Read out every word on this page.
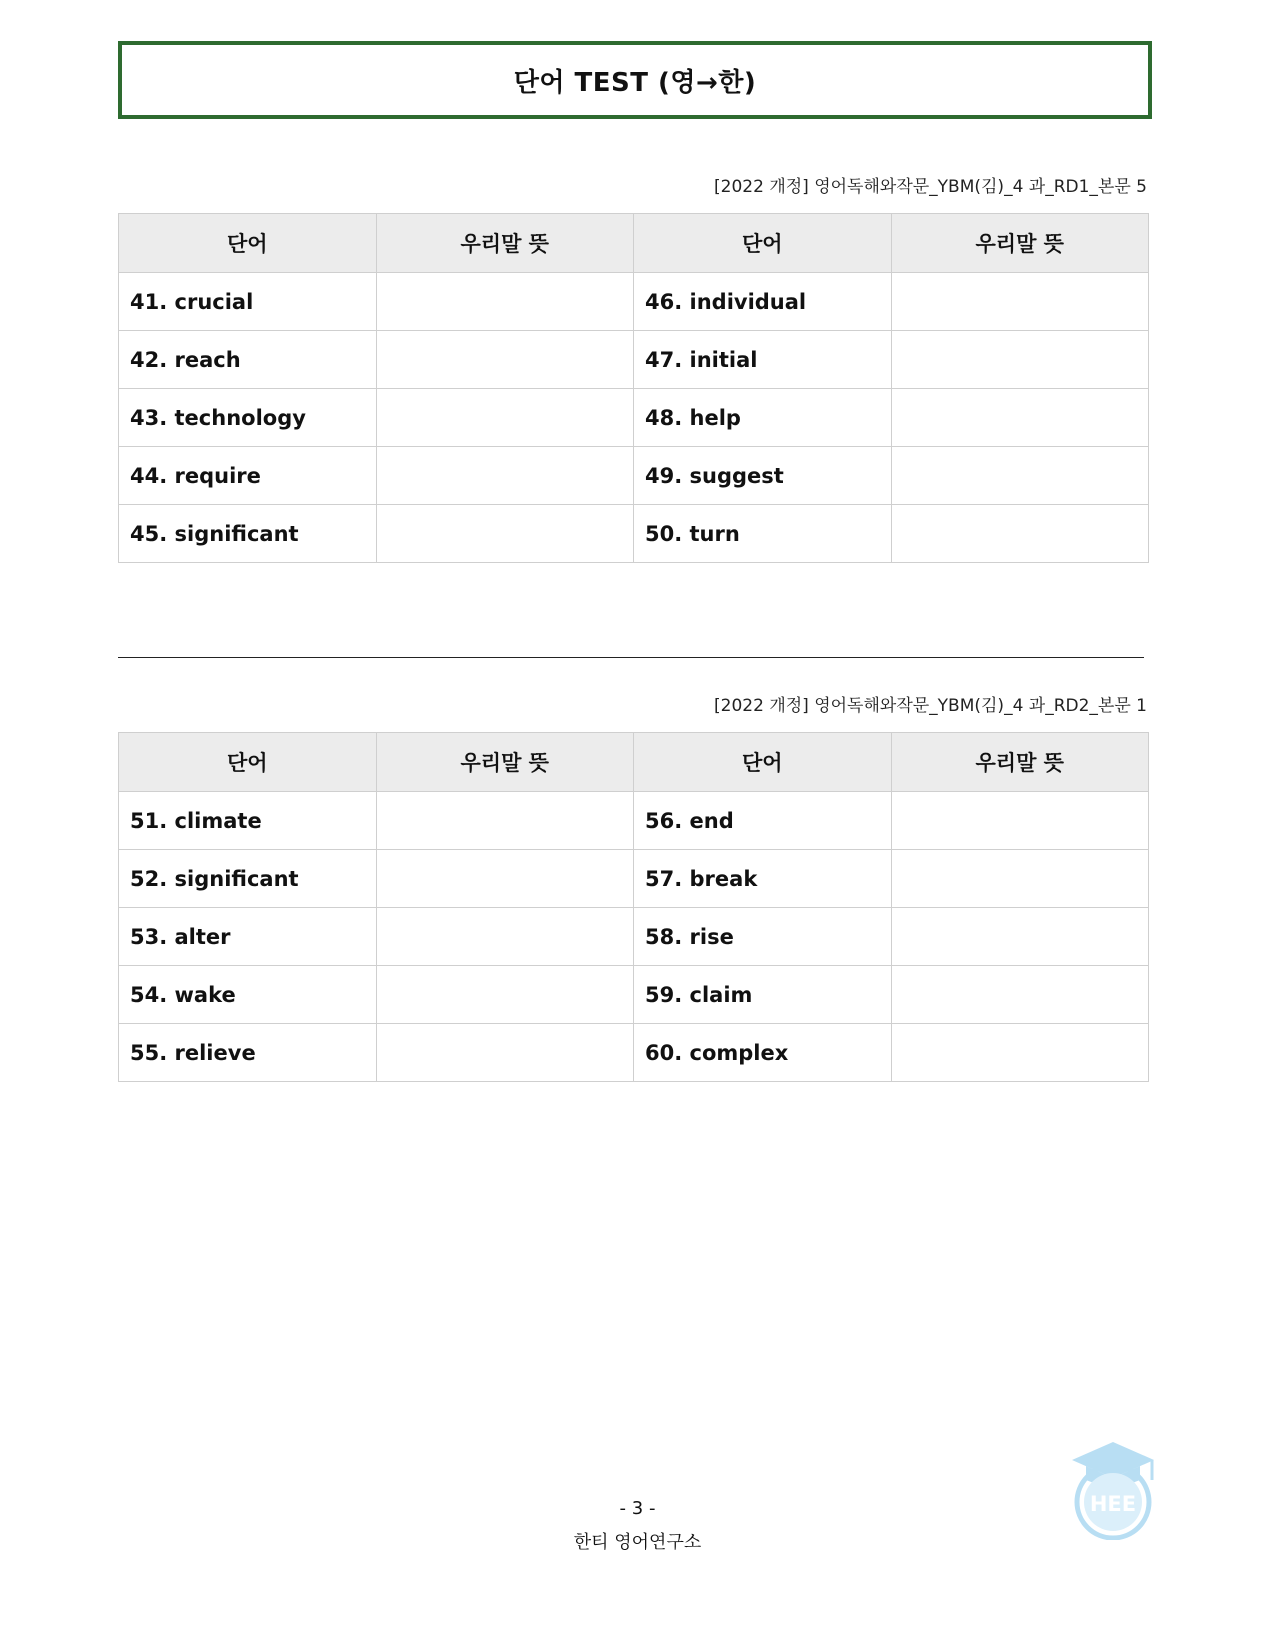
단어 TEST (영→한)
[2022 개정] 영어독해와작문_YBM(김)_4 과_RD1_본문 5
단어	우리말 뜻	단어	우리말 뜻
41. crucial		46. individual	
42. reach		47. initial	
43. technology		48. help	
44. require		49. suggest	
45. significant		50. turn	
[2022 개정] 영어독해와작문_YBM(김)_4 과_RD2_본문 1
단어	우리말 뜻	단어	우리말 뜻
51. climate		56. end	
52. significant		57. break	
53. alter		58. rise	
54. wake		59. claim	
55. relieve		60. complex	
- 3 -
한티 영어연구소
HEE
